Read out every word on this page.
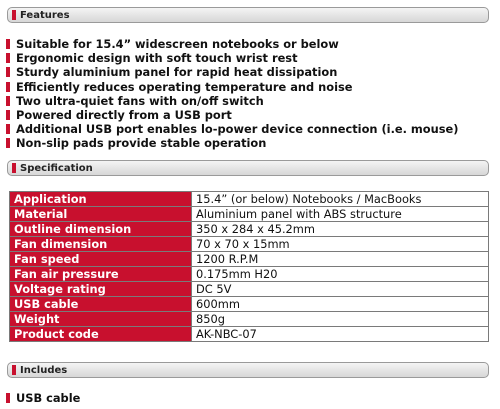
Features
Suitable for 15.4” widescreen notebooks or below
Ergonomic design with soft touch wrist rest
Sturdy aluminium panel for rapid heat dissipation
Efficiently reduces operating temperature and noise
Two ultra-quiet fans with on/off switch
Powered directly from a USB port
Additional USB port enables lo-power device connection (i.e. mouse)
Non-slip pads provide stable operation
Specification
Application	15.4” (or below) Notebooks / MacBooks
Material	Aluminium panel with ABS structure
Outline dimension	350 x 284 x 45.2mm
Fan dimension	70 x 70 x 15mm
Fan speed	1200 R.P.M
Fan air pressure	0.175mm H20
Voltage rating	DC 5V
USB cable	600mm
Weight	850g
Product code	AK-NBC-07
Includes
USB cable
